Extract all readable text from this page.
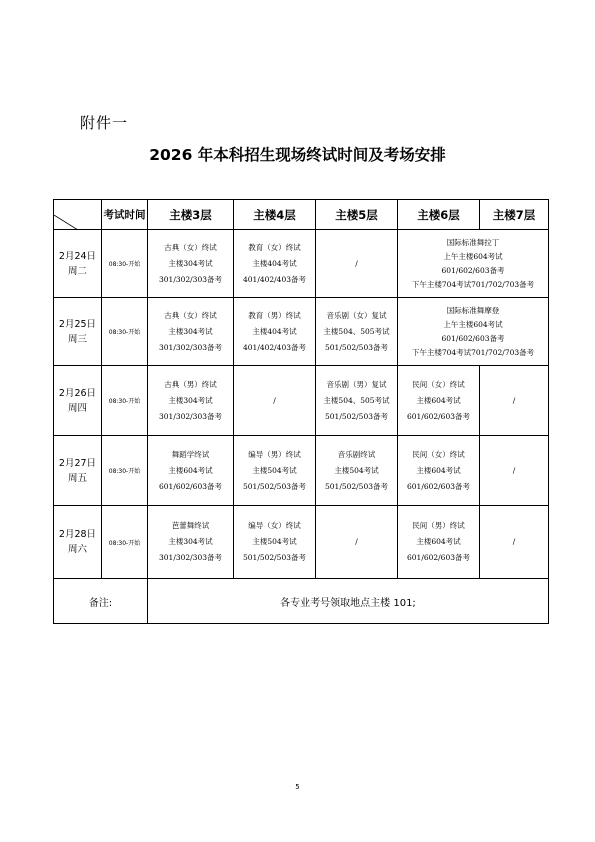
附件一
2026 年本科招生现场终试时间及考场安排
	考试时间	主楼3层	主楼4层	主楼5层	主楼6层	主楼7层

2月24日
周二	08:30-开始	古典（女）终试
主楼304考试
301/302/303备考	教育（女）终试
主楼404考试
401/402/403备考	/	国际标准舞拉丁
上午主楼604考试
601/602/603备考
下午主楼704考试701/702/703备考	

2月25日
周三	08:30-开始	古典（女）终试
主楼304考试
301/302/303备考	教育（男）终试
主楼404考试
401/402/403备考	音乐剧（女）复试
主楼504、505考试
501/502/503备考	国际标准舞摩登
上午主楼604考试
601/602/603备考
下午主楼704考试701/702/703备考	

2月26日
周四	08:30-开始	古典（男）终试
主楼304考试
301/302/303备考	/	音乐剧（男）复试
主楼504、505考试
501/502/503备考	民间（女）终试
主楼604考试
601/602/603备考	/

2月27日
周五	08:30-开始	舞蹈学终试
主楼604考试
601/602/603备考	编导（男）终试
主楼504考试
501/502/503备考	音乐剧终试
主楼504考试
501/502/503备考	民间（女）终试
主楼604考试
601/602/603备考	/

2月28日
周六	08:30-开始	芭蕾舞终试
主楼304考试
301/302/303备考	编导（女）终试
主楼504考试
501/502/503备考	/	民间（男）终试
主楼604考试
601/602/603备考	/

备注:		各专业考号领取地点主楼 101;				
5
